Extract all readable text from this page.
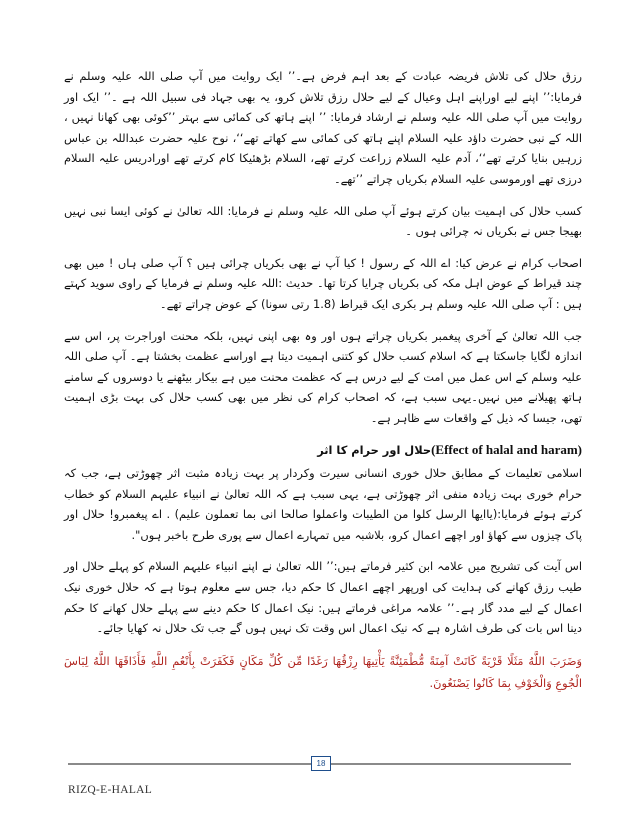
رزق حلال کی تلاش فریضہ عبادت کے بعد اہم فرض ہے۔’’ ایک روایت میں آپ صلی اللہ علیہ وسلم نے فرمایا:’’ اپنے لیے اوراپنے اہل وعیال کے لیے حلال رزق تلاش کرو، یہ بھی جہاد فی سبیل اللہ ہے ۔’’ ایک اور روایت میں آپ صلی اللہ علیہ وسلم نے ارشاد فرمایا: ’’ اپنے ہاتھ کی کمائی سے بہتر ’’کوئی بھی کھانا نہیں ، اللہ کے نبی حضرت داؤد علیہ السلام اپنے ہاتھ کی کمائی سے کھاتے تھے‘‘، نوح علیہ حضرت عبداللہ بن عباس زرہیں بنایا کرتے تھے‘‘، آدم علیہ السلام زراعت کرتے تھے، السلام بڑھئیکا کام کرتے تھے اورادریس علیہ السلام درزی تھے اورموسی علیہ السلام بکریاں چراتے ’’تھے۔

کسب حلال کی اہمیت بیان کرتے ہوئے آپ صلی اللہ علیہ وسلم نے فرمایا: اللہ تعالیٰ نے کوئی ایسا نبی نہیں بھیجا جس نے بکریاں نہ چرائی ہوں ۔

اصحاب کرام نے عرض کیا: اے اللہ کے رسول ! کیا آپ نے بھی بکریاں چرائی ہیں ؟ آپ صلی ہاں ! میں بھی چند قیراط کے عوض اہل مکہ کی بکریاں چرایا کرتا تھا۔ حدیث :اللہ علیہ وسلم نے فرمایا کے راوی سوید کہتے ہیں : آپ صلی اللہ علیہ وسلم ہر بکری ایک قیراط (1.8 رتی سونا) کے عوض چراتے تھے۔

جب اللہ تعالیٰ کے آخری پیغمبر بکریاں چراتے ہوں اور وہ بھی اپنی نہیں، بلکہ محنت اوراجرت پر، اس سے اندازہ لگایا جاسکتا ہے کہ اسلام کسب حلال کو کتنی اہمیت دیتا ہے اوراسے عظمت بخشتا ہے۔ آپ صلی اللہ علیہ وسلم کے اس عمل میں امت کے لیے درس ہے کہ عظمت محنت میں ہے بیکار بیٹھنے یا دوسروں کے سامنے ہاتھ پھیلانے میں نہیں۔یہی سبب ہے، کہ اصحاب کرام کی نظر میں بھی کسب حلال کی بہت بڑی اہمیت تھی، جیسا کہ ذیل کے واقعات سے ظاہر ہے۔

(Effect of halal and haram)حلال اور حرام کا اثر

اسلامی تعلیمات کے مطابق حلال خوری انسانی سیرت وکردار پر بہت زیادہ مثبت اثر چھوڑتی ہے، جب کہ حرام خوری بہت زیادہ منفی اثر چھوڑتی ہے، یہی سبب ہے کہ اللہ تعالیٰ نے انبیاء علیہم السلام کو خطاب کرتے ہوئے فرمایا:(یاایھا الرسل کلوا من الطیبات واعملوا صالحا انی بما تعملون علیم) . اے پیغمبرو! حلال اور پاک چیزوں سے کھاؤ اور اچھے اعمال کرو، بلاشبہ میں تمہارے اعمال سے پوری طرح باخبر ہوں".

اس آیت کی تشریح میں علامہ ابن کثیر فرماتے ہیں:’’ اللہ تعالیٰ نے اپنے انبیاء علیہم السلام کو پہلے حلال اور طیب رزق کھانے کی ہدایت کی اورپھر اچھے اعمال کا حکم دیا، جس سے معلوم ہوتا ہے کہ حلال خوری نیک اعمال کے لیے مدد گار ہے۔’’ علامہ مراغی فرماتے ہیں: نیک اعمال کا حکم دینے سے پہلے حلال کھانے کا حکم دینا اس بات کی طرف اشارہ ہے کہ نیک اعمال اس وقت تک نہیں ہوں گے جب تک حلال نہ کھایا جائے۔

وَضَرَبَ اللَّهُ مَثَلًا قَرْيَةً كَانَتْ آمِنَةً مُّطْمَئِنَّةً يَأْتِيهَا رِزْقُهَا رَغَدًا مِّن كُلِّ مَكَانٍ فَكَفَرَتْ بِأَنْعُمِ اللَّهِ فَأَذَاقَهَا اللَّهُ لِبَاسَ الْجُوعِ وَالْخَوْفِ بِمَا كَانُوا يَصْنَعُونَ.

18
RIZQ-E-HALAL
